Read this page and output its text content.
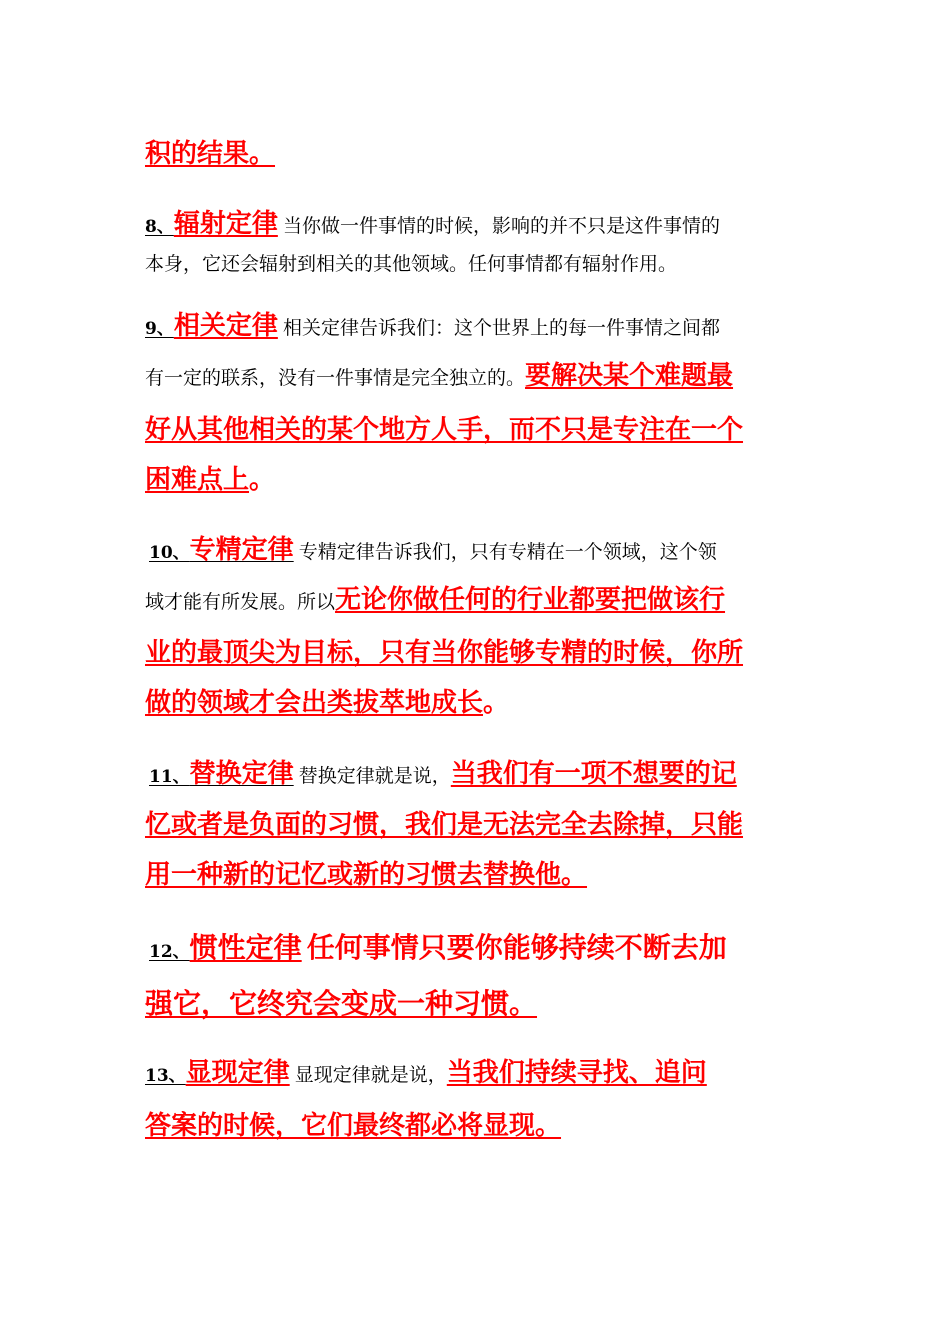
积的结果。
8、辐射定律 当你做一件事情的时候，影响的并不只是这件事情的
本身，它还会辐射到相关的其他领域。任何事情都有辐射作用。
9、相关定律 相关定律告诉我们：这个世界上的每一件事情之间都
有一定的联系，没有一件事情是完全独立的。要解决某个难题最
好从其他相关的某个地方人手，而不只是专注在一个
困难点上。
10、专精定律 专精定律告诉我们，只有专精在一个领域，这个领
域才能有所发展。所以无论你做任何的行业都要把做该行
业的最顶尖为目标，只有当你能够专精的时候，你所
做的领域才会出类拔萃地成长。
11、替换定律 替换定律就是说，当我们有一项不想要的记
忆或者是负面的习惯，我们是无法完全去除掉，只能
用一种新的记忆或新的习惯去替换他。
12、惯性定律 任何事情只要你能够持续不断去加
强它，它终究会变成一种习惯。
13、显现定律 显现定律就是说，当我们持续寻找、追问
答案的时候，它们最终都必将显现。
